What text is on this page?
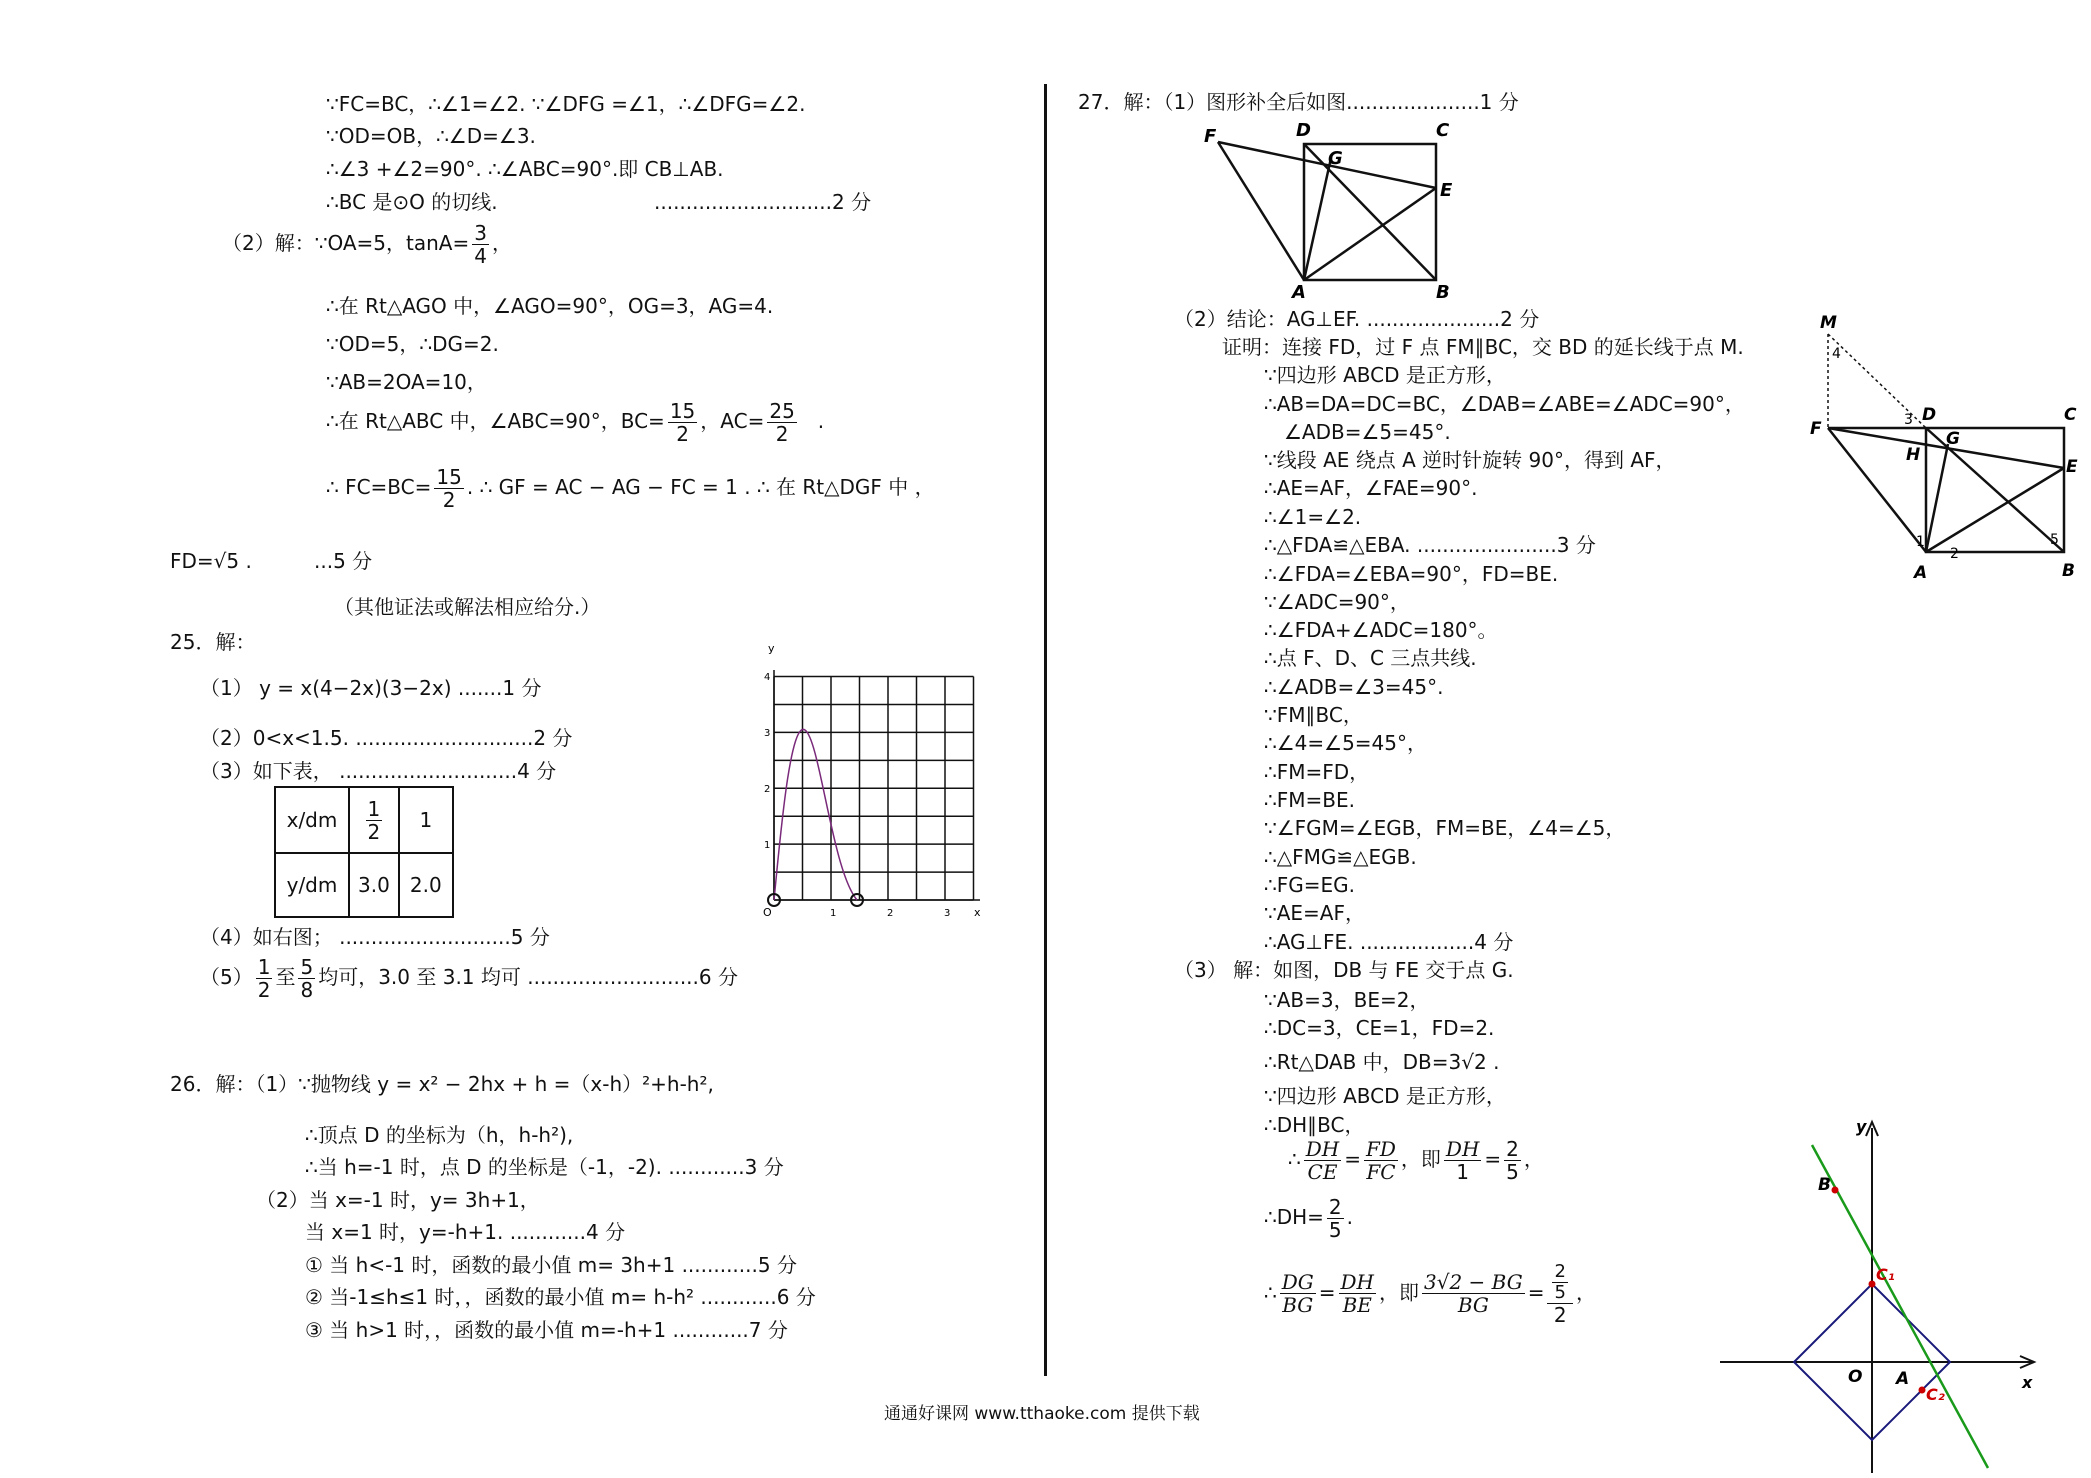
∵FC=BC，∴∠1=∠2. ∵∠DFG =∠1，∴∠DFG=∠2.
∵OD=OB，∴∠D=∠3.
∴∠3 +∠2=90°. ∴∠ABC=90°.即 CB⊥AB.
∴BC 是⊙O 的切线.	............................2 分
（2）解：∵OA=5，$\tan A= \frac{3}{4}$ ，
∴在 Rt△AGO 中，∠AGO=90°，OG=3，AG=4.
∵OD=5，∴DG=2.
∵AB=2OA=10，
∴在 Rt△ABC 中，∠ABC=90°，$BC= \frac{15}{2}$ ，$AC= \frac{25}{2}$ .
∴ $FC=BC= \frac{15}{2}$ . ∴ GF = AC − AG − FC = 1 . ∴ 在 Rt△DGF 中 ，
FD=√5 .	...5 分
（其他证法或解法相应给分.）
25．解：
（1） y = x(4−2x)(3−2x) .......1 分
（2）0<x<1.5. ............................2 分
（3）如下表， ............................4 分
x/dm	$\frac{1}{2}$	1
y/dm	3.0	2.0
（4）如右图； ...........................5 分
$(5) \frac{1}{2}$ 至 $\frac{5}{8}$ 均可，3.0 至 3.1 均可 ...........................6 分
y
x
O	1	2	3
1
2
3
4
26．解：（1）∵抛物线 y = x² − 2hx + h =（x-h）²+h-h²,
∴顶点 D 的坐标为（h，h-h²),
∴当 h=-1 时，点 D 的坐标是（-1，-2). ............3 分
（2）当 x=-1 时，y= 3h+1，
当 x=1 时，y=-h+1. ............4 分
① 当 h<-1 时，函数的最小值 m= 3h+1 ............5 分
② 当-1≤h≤1 时，，函数的最小值 m= h-h² ............6 分
③ 当 h>1 时，，函数的最小值 m=-h+1 ............7 分
27．解：（1）图形补全后如图.....................1 分
F	D	C
G
E
A	B
（2）结论：AG⊥EF. .....................2 分
证明：连接 FD，过 F 点 FM∥BC，交 BD 的延长线于点 M.
∵四边形 ABCD 是正方形，
∴AB=DA=DC=BC，∠DAB=∠ABE=∠ADC=90°，
∠ADB=∠5=45°.
∵线段 AE 绕点 A 逆时针旋转 90°，得到 AF，
∴AE=AF，∠FAE=90°.
∴∠1=∠2.
∴△FDA≌△EBA. ......................3 分
∴∠FDA=∠EBA=90°，FD=BE.
∵∠ADC=90°，
∴∠FDA+∠ADC=180°。
∴点 F、D、C 三点共线.
∴∠ADB=∠3=45°.
∵FM∥BC，
∴∠4=∠5=45°，
∴FM=FD，
∴FM=BE.
∵∠FGM=∠EGB，FM=BE，∠4=∠5，
∴△FMG≌△EGB.
∴FG=EG.
∵AE=AF，
∴AG⊥FE. ..................4 分
M
F
D	C
G
H
E
A	B
1
2
3
4
5
（3） 解：如图，DB 与 FE 交于点 G.
∵AB=3，BE=2，
∴DC=3，CE=1，FD=2.
∴Rt△DAB 中，DB=3√2 .
∵四边形 ABCD 是正方形，
∴DH∥BC，
∴ $\frac{DH}{CE} = \frac{FD}{FC}$ ，即 $\frac{DH}{1} = \frac{2}{5}$ ，
∴DH= $\frac{2}{5}$ .
∴ $\frac{DG}{BG} = \frac{DH}{BE}$ ，即 $\frac{3√2 - BG}{BG} = 2$
5
2 ，
y
x
O A
B
C₁
C₂
通通好课网 www.tthaoke.com 提供下载
